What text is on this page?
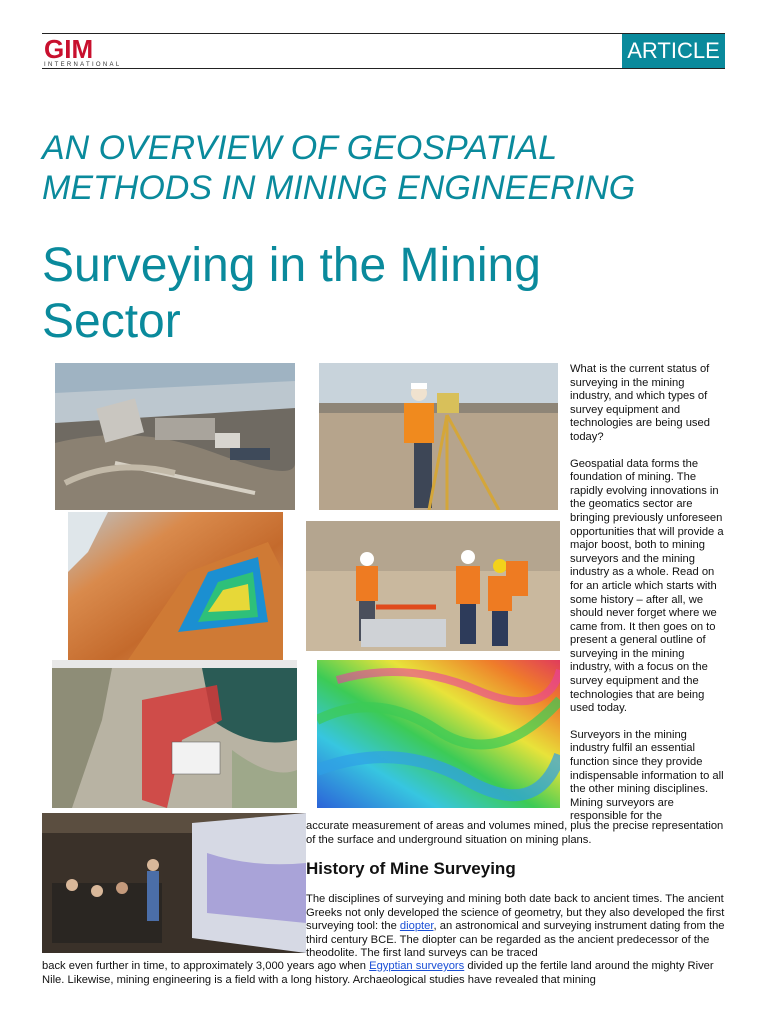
GIM
INTERNATIONAL
ARTICLE
AN OVERVIEW OF GEOSPATIAL
METHODS IN MINING ENGINEERING
Surveying in the Mining
Sector

What is the current status of surveying in the mining industry, and which types of survey equipment and technologies are being used today?

Geospatial data forms the foundation of mining. The rapidly evolving innovations in the geomatics sector are bringing previously unforeseen opportunities that will provide a major boost, both to mining surveyors and the mining industry as a whole. Read on for an article which starts with some history – after all, we should never forget where we came from. It then goes on to present a general outline of surveying in the mining industry, with a focus on the survey equipment and the technologies that are being used today.

Surveyors in the mining industry fulfil an essential function since they provide indispensable information to all the other mining disciplines. Mining surveyors are responsible for the

accurate measurement of areas and volumes mined, plus the precise representation of the surface and underground situation on mining plans.
History of Mine Surveying
The disciplines of surveying and mining both date back to ancient times. The ancient Greeks not only developed the science of geometry, but they also developed the first surveying tool: the diopter, an astronomical and surveying instrument dating from the third century BCE. The diopter can be regarded as the ancient predecessor of the theodolite. The first land surveys can be traced
back even further in time, to approximately 3,000 years ago when Egyptian surveyors divided up the fertile land around the mighty River Nile. Likewise, mining engineering is a field with a long history. Archaeological studies have revealed that mining
